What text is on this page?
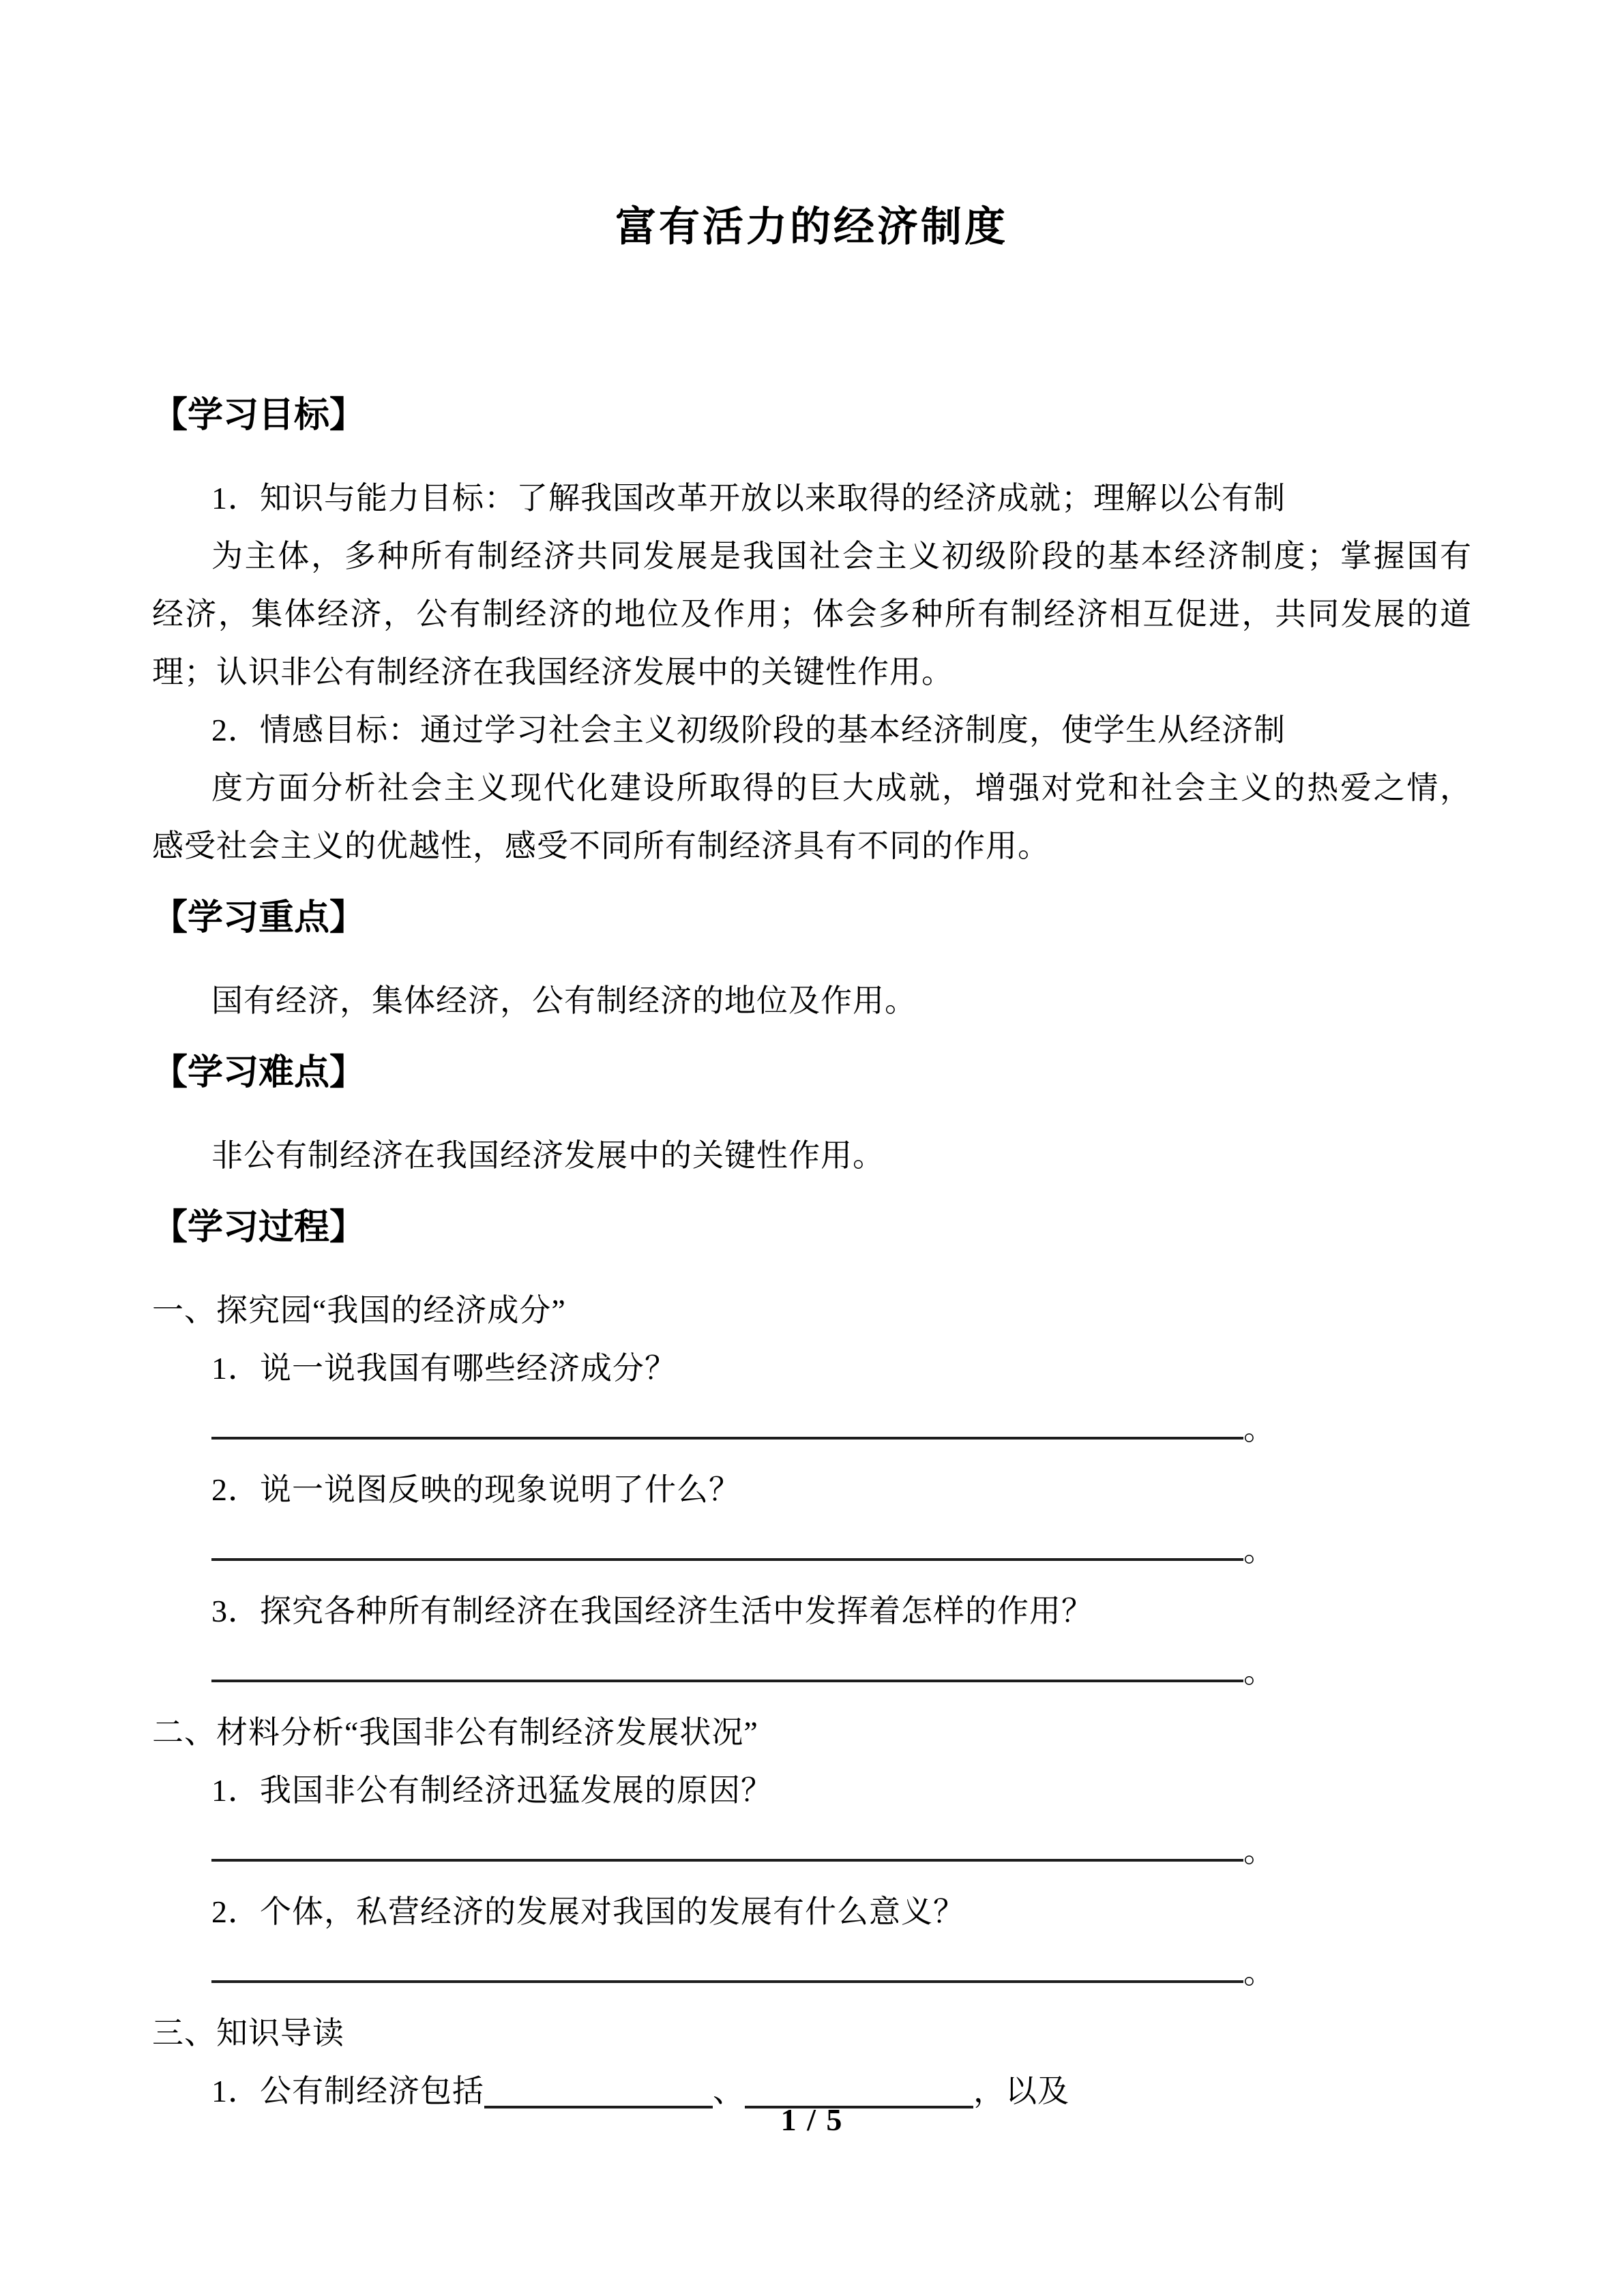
富有活力的经济制度
【学习目标】
1．知识与能力目标：了解我国改革开放以来取得的经济成就；理解以公有制
为主体，多种所有制经济共同发展是我国社会主义初级阶段的基本经济制度；掌握国有
经济，集体经济，公有制经济的地位及作用；体会多种所有制经济相互促进，共同发展的道
理；认识非公有制经济在我国经济发展中的关键性作用。
2．情感目标：通过学习社会主义初级阶段的基本经济制度，使学生从经济制
度方面分析社会主义现代化建设所取得的巨大成就，增强对党和社会主义的热爱之情，
感受社会主义的优越性，感受不同所有制经济具有不同的作用。
【学习重点】
国有经济，集体经济，公有制经济的地位及作用。
【学习难点】
非公有制经济在我国经济发展中的关键性作用。
【学习过程】
一、探究园“我国的经济成分”
1．说一说我国有哪些经济成分？
。
2．说一说图反映的现象说明了什么？
。
3．探究各种所有制经济在我国经济生活中发挥着怎样的作用？
。
二、材料分析“我国非公有制经济发展状况”
1．我国非公有制经济迅猛发展的原因？
。
2．个体，私营经济的发展对我国的发展有什么意义？
。
三、知识导读
1．公有制经济包括	、	，以及
1 / 5
